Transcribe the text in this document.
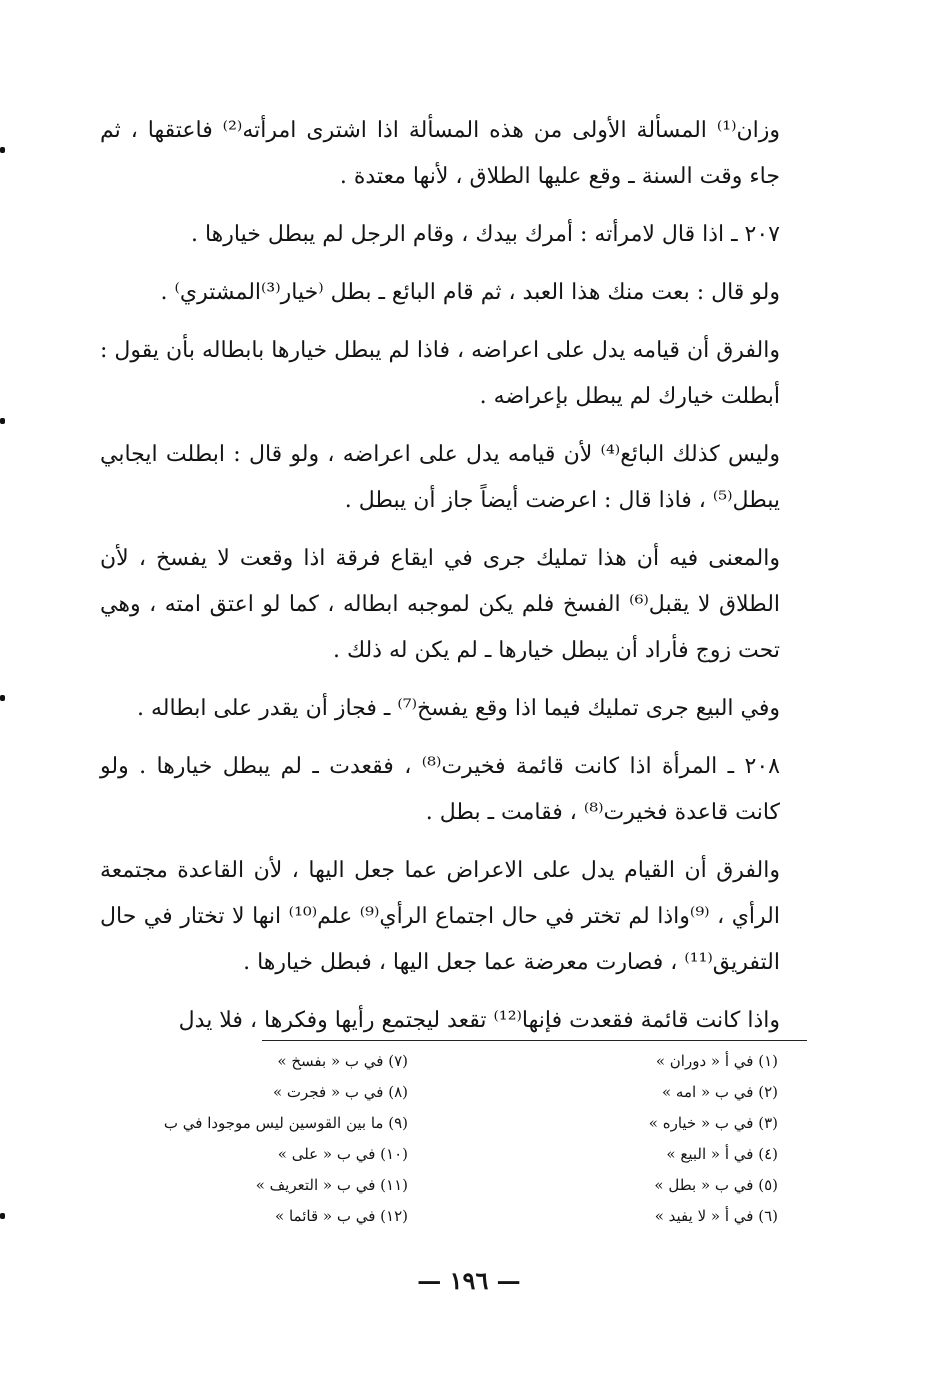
وزان⁽¹⁾ المسألة الأولى من هذه المسألة اذا اشترى امرأته⁽²⁾ فاعتقها ، ثم جاء وقت السنة ـ وقع عليها الطلاق ، لأنها معتدة .

٢٠٧ ـ اذا قال لامرأته : أمرك بيدك ، وقام الرجل لم يبطل خيارها .

ولو قال : بعت منك هذا العبد ، ثم قام البائع ـ بطل ⁽خيار⁽³⁾المشتري⁾ .

والفرق أن قيامه يدل على اعراضه ، فاذا لم يبطل خيارها بابطاله بأن يقول : أبطلت خيارك لم يبطل بإعراضه .

وليس كذلك البائع⁽⁴⁾ لأن قيامه يدل على اعراضه ، ولو قال : ابطلت ايجابي يبطل⁽⁵⁾ ، فاذا قال : اعرضت أيضاً جاز أن يبطل .

والمعنى فيه أن هذا تمليك جرى في ايقاع فرقة اذا وقعت لا يفسخ ، لأن الطلاق لا يقبل⁽⁶⁾ الفسخ فلم يكن لموجبه ابطاله ، كما لو اعتق امته ، وهي تحت زوج فأراد أن يبطل خيارها ـ لم يكن له ذلك .

وفي البيع جرى تمليك فيما اذا وقع يفسخ⁽⁷⁾ ـ فجاز أن يقدر على ابطاله .

٢٠٨ ـ المرأة اذا كانت قائمة فخيرت⁽⁸⁾ ، فقعدت ـ لم يبطل خيارها . ولو كانت قاعدة فخيرت⁽⁸⁾ ، فقامت ـ بطل .

والفرق أن القيام يدل على الاعراض عما جعل اليها ، لأن القاعدة مجتمعة الرأي ، ⁽⁹⁾واذا لم تختر في حال اجتماع الرأي⁽⁹⁾ علم⁽¹⁰⁾ انها لا تختار في حال التفريق⁽¹¹⁾ ، فصارت معرضة عما جعل اليها ، فبطل خيارها .

واذا كانت قائمة فقعدت فإنها⁽¹²⁾ تقعد ليجتمع رأيها وفكرها ، فلا يدل

(١) في أ « دوران »
(٢) في ب « امه »
(٣) في ب « خياره »
(٤) في أ « البيع »
(٥) في ب « بطل »
(٦) في أ « لا يفيد »
(٧) في ب « بفسخ »
(٨) في ب « فجرت »
(٩) ما بين القوسين ليس موجودا في ب
(١٠) في ب « على »
(١١) في ب « التعريف »
(١٢) في ب « قائما »
— ١٩٦ —
